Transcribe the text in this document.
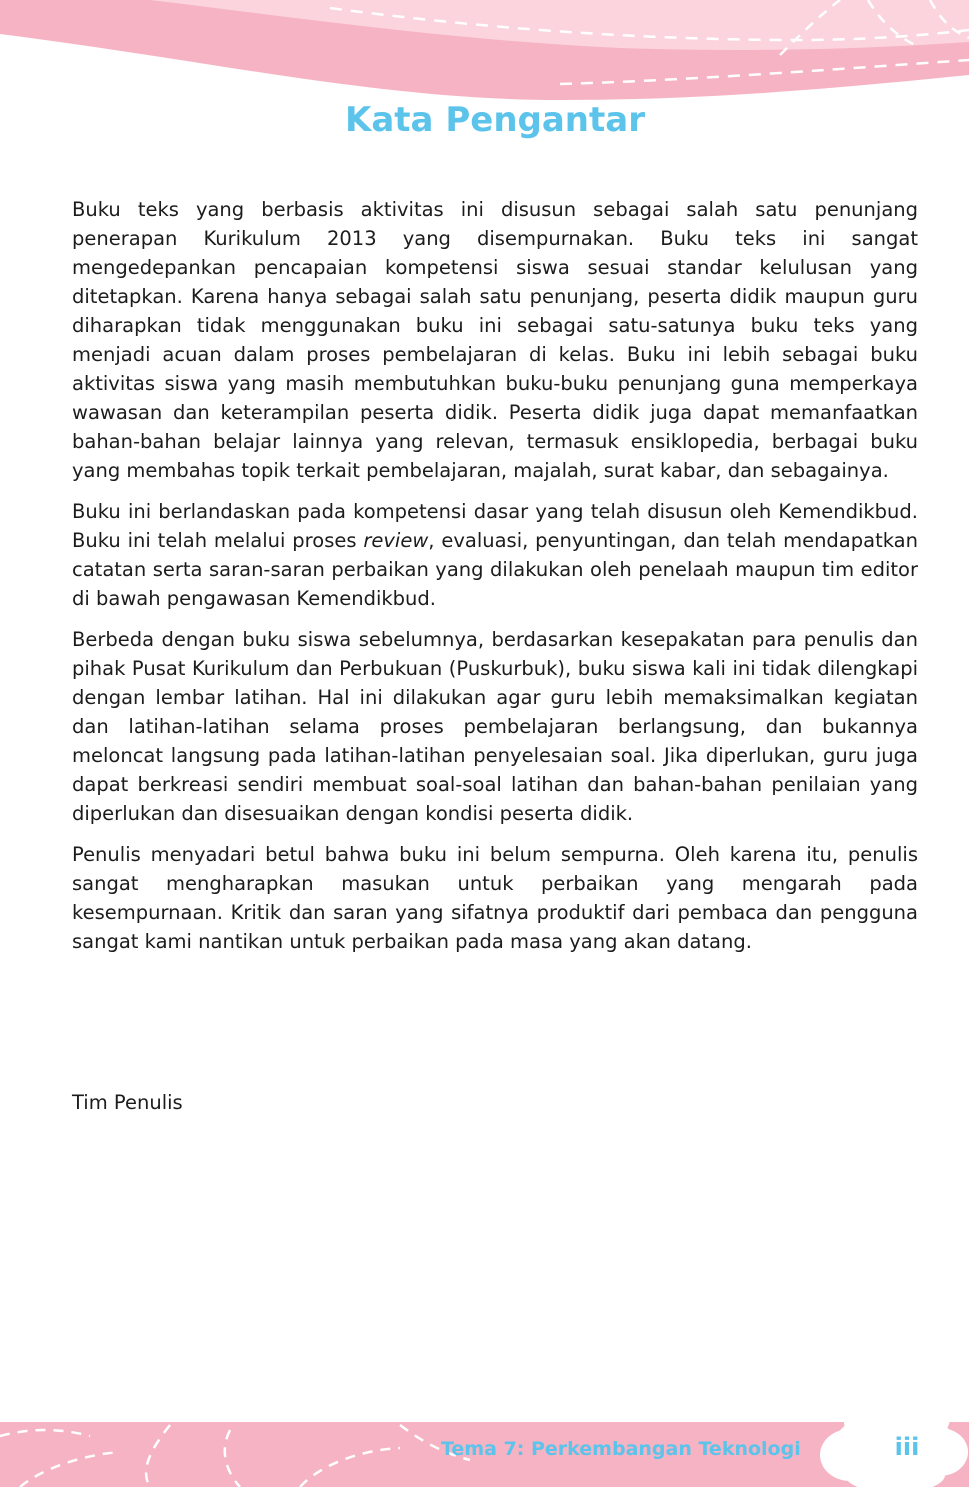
Kata Pengantar

Buku teks yang berbasis aktivitas ini disusun sebagai salah satu penunjang penerapan Kurikulum 2013 yang disempurnakan. Buku teks ini sangat mengedepankan pencapaian kompetensi siswa sesuai standar kelulusan yang ditetapkan. Karena hanya sebagai salah satu penunjang, peserta didik maupun guru diharapkan tidak menggunakan buku ini sebagai satu-satunya buku teks yang menjadi acuan dalam proses pembelajaran di kelas. Buku ini lebih sebagai buku aktivitas siswa yang masih membutuhkan buku-buku penunjang guna memperkaya wawasan dan keterampilan peserta didik. Peserta didik juga dapat memanfaatkan bahan-bahan belajar lainnya yang relevan, termasuk ensiklopedia, berbagai buku yang membahas topik terkait pembelajaran, majalah, surat kabar, dan sebagainya.

Buku ini berlandaskan pada kompetensi dasar yang telah disusun oleh Kemendikbud. Buku ini telah melalui proses review, evaluasi, penyuntingan, dan telah mendapatkan catatan serta saran-saran perbaikan yang dilakukan oleh penelaah maupun tim editor di bawah pengawasan Kemendikbud.

Berbeda dengan buku siswa sebelumnya, berdasarkan kesepakatan para penulis dan pihak Pusat Kurikulum dan Perbukuan (Puskurbuk), buku siswa kali ini tidak dilengkapi dengan lembar latihan. Hal ini dilakukan agar guru lebih memaksimalkan kegiatan dan latihan-latihan selama proses pembelajaran berlangsung, dan bukannya meloncat langsung pada latihan-latihan penyelesaian soal. Jika diperlukan, guru juga dapat berkreasi sendiri membuat soal-soal latihan dan bahan-bahan penilaian yang diperlukan dan disesuaikan dengan kondisi peserta didik.

Penulis menyadari betul bahwa buku ini belum sempurna. Oleh karena itu, penulis sangat mengharapkan masukan untuk perbaikan yang mengarah pada kesempurnaan. Kritik dan saran yang sifatnya produktif dari pembaca dan pengguna sangat kami nantikan untuk perbaikan pada masa yang akan datang.

Tim Penulis
Tema 7: Perkembangan Teknologi	iii
